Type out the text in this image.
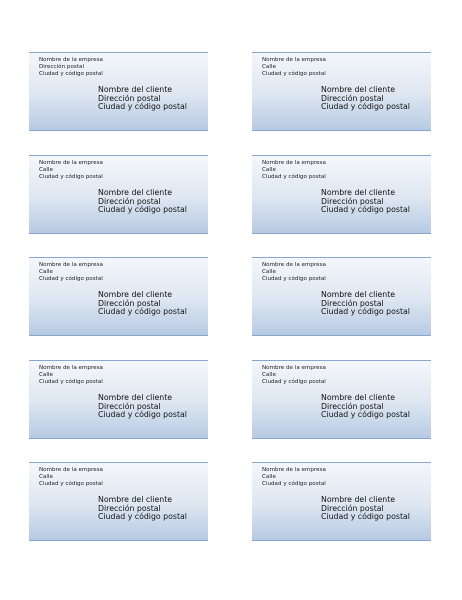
Nombre de la empresa
Dirección postal
Ciudad y código postal
Nombre del cliente
Dirección postal
Ciudad y código postal
Nombre de la empresa
Calle
Ciudad y código postal
Nombre del cliente
Dirección postal
Ciudad y código postal
Nombre de la empresa
Calle
Ciudad y código postal
Nombre del cliente
Dirección postal
Ciudad y código postal
Nombre de la empresa
Calle
Ciudad y código postal
Nombre del cliente
Dirección postal
Ciudad y código postal
Nombre de la empresa
Calle
Ciudad y código postal
Nombre del cliente
Dirección postal
Ciudad y código postal
Nombre de la empresa
Calle
Ciudad y código postal
Nombre del cliente
Dirección postal
Ciudad y código postal
Nombre de la empresa
Calle
Ciudad y código postal
Nombre del cliente
Dirección postal
Ciudad y código postal
Nombre de la empresa
Calle
Ciudad y código postal
Nombre del cliente
Dirección postal
Ciudad y código postal
Nombre de la empresa
Calle
Ciudad y código postal
Nombre del cliente
Dirección postal
Ciudad y código postal
Nombre de la empresa
Calle
Ciudad y código postal
Nombre del cliente
Dirección postal
Ciudad y código postal
